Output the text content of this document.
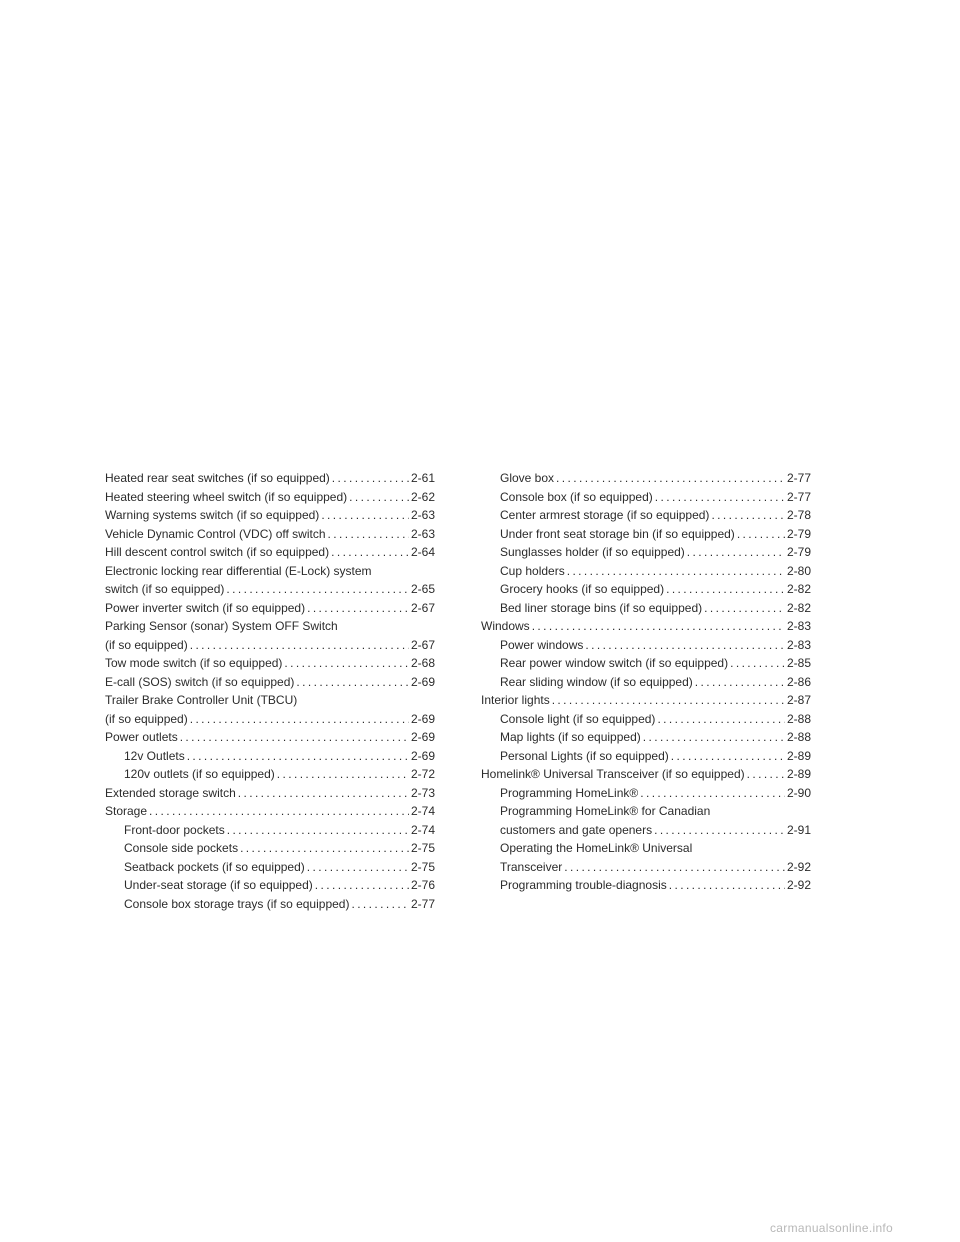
Heated rear seat switches (if so equipped) .....	2-61
Heated steering wheel switch (if so equipped) .....	2-62
Warning systems switch (if so equipped) .....	2-63
Vehicle Dynamic Control (VDC) off switch .....	2-63
Hill descent control switch (if so equipped) .....	2-64
Electronic locking rear differential (E-Lock) system
switch (if so equipped) .....	2-65
Power inverter switch (if so equipped) .....	2-67
Parking Sensor (sonar) System OFF Switch
(if so equipped) .....	2-67
Tow mode switch (if so equipped) .....	2-68
E-call (SOS) switch (if so equipped) .....	2-69
Trailer Brake Controller Unit (TBCU)
(if so equipped) .....	2-69
Power outlets .....	2-69
12v Outlets .....	2-69
120v outlets (if so equipped) .....	2-72
Extended storage switch .....	2-73
Storage .....	2-74
Front-door pockets .....	2-74
Console side pockets .....	2-75
Seatback pockets (if so equipped) .....	2-75
Under-seat storage (if so equipped) .....	2-76
Console box storage trays (if so equipped) .....	2-77
Glove box .....	2-77
Console box (if so equipped) .....	2-77
Center armrest storage (if so equipped) .....	2-78
Under front seat storage bin (if so equipped) .....	2-79
Sunglasses holder (if so equipped) .....	2-79
Cup holders .....	2-80
Grocery hooks (if so equipped) .....	2-82
Bed liner storage bins (if so equipped) .....	2-82
Windows .....	2-83
Power windows .....	2-83
Rear power window switch (if so equipped) .....	2-85
Rear sliding window (if so equipped) .....	2-86
Interior lights .....	2-87
Console light (if so equipped) .....	2-88
Map lights (if so equipped) .....	2-88
Personal Lights (if so equipped) .....	2-89
Homelink® Universal Transceiver (if so equipped) .....	2-89
Programming HomeLink® .....	2-90
Programming HomeLink® for Canadian
customers and gate openers .....	2-91
Operating the HomeLink® Universal
Transceiver .....	2-92
Programming trouble-diagnosis .....	2-92
carmanualsonline.info
